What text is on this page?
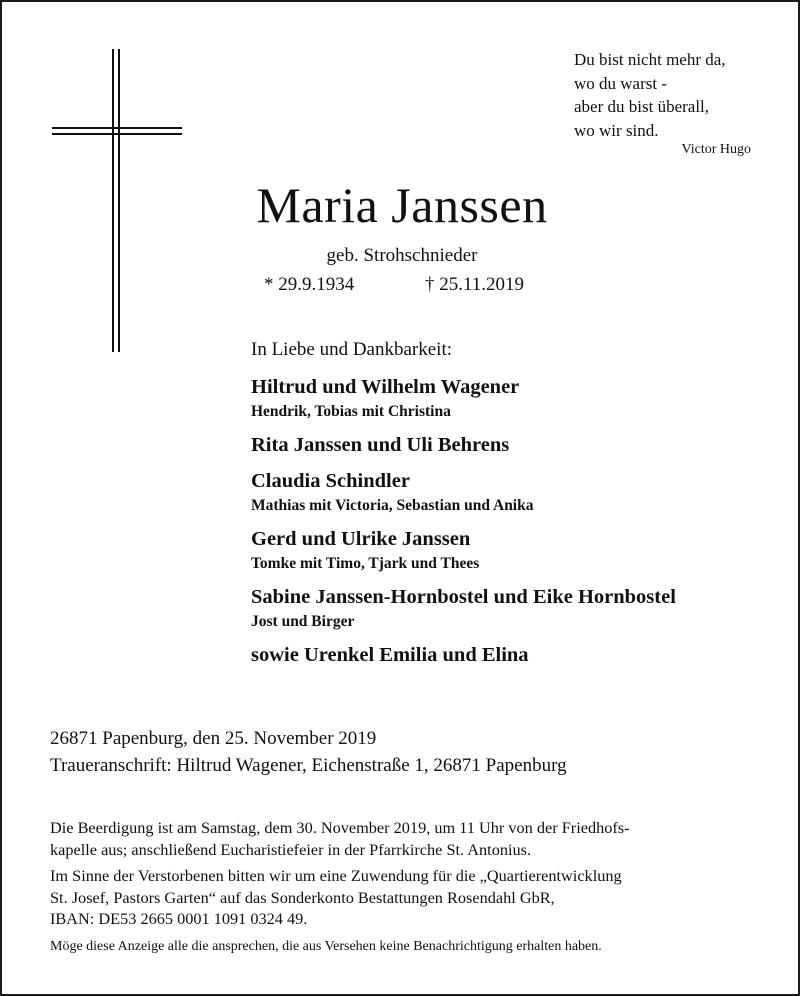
Du bist nicht mehr da,
wo du warst -
aber du bist überall,
wo wir sind.
Victor Hugo
Maria Janssen
geb. Strohschnieder
* 29.9.1934	† 25.11.2019
In Liebe und Dankbarkeit:
Hiltrud und Wilhelm Wagener
Hendrik, Tobias mit Christina
Rita Janssen und Uli Behrens
Claudia Schindler
Mathias mit Victoria, Sebastian und Anika
Gerd und Ulrike Janssen
Tomke mit Timo, Tjark und Thees
Sabine Janssen-Hornbostel und Eike Hornbostel
Jost und Birger
sowie Urenkel Emilia und Elina
26871 Papenburg, den 25. November 2019
Traueranschrift: Hiltrud Wagener, Eichenstraße 1, 26871 Papenburg

Die Beerdigung ist am Samstag, dem 30. November 2019, um 11 Uhr von der Friedhofs-

kapelle aus; anschließend Eucharistiefeier in der Pfarrkirche St. Antonius.

Im Sinne der Verstorbenen bitten wir um eine Zuwendung für die „Quartierentwicklung

St. Josef, Pastors Garten“ auf das Sonderkonto Bestattungen Rosendahl GbR,

IBAN: DE53 2665 0001 1091 0324 49.

Möge diese Anzeige alle die ansprechen, die aus Versehen keine Benachrichtigung erhalten haben.
